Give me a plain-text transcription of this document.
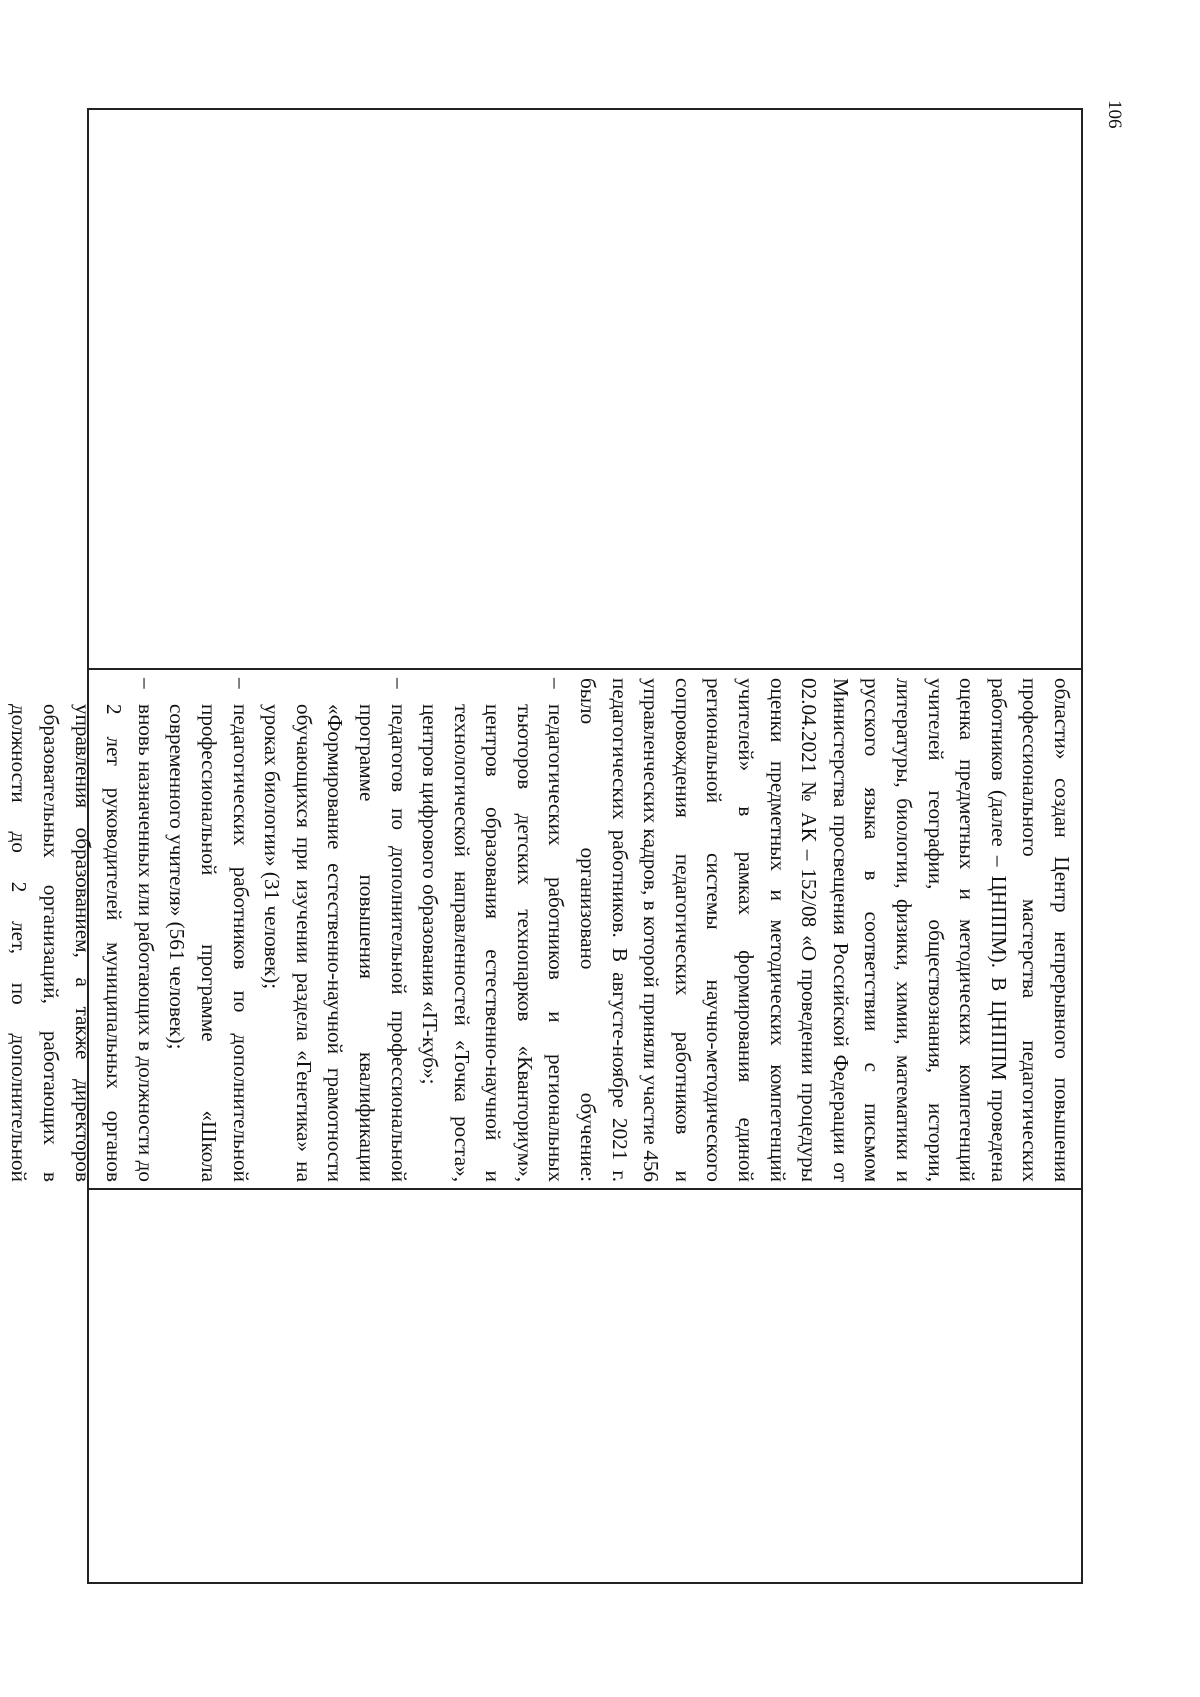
106

области» создан Центр непрерывного повышения профессионального мастерства педагогических работников (далее – ЦНППМ). В ЦНППМ проведена оценка предметных и методических компетенций учителей географии, обществознания, истории, литературы, биологии, физики, химии, математики и русского языка в соответствии с письмом Министерства просвещения Российской Федерации от 02.04.2021 № АК – 152/08 «О проведении процедуры оценки предметных и методических компетенций учителей» в рамках формирования единой региональной системы научно-методического сопровождения педагогических работников и управленческих кадров, в которой приняли участие 456 педагогических работников. В августе-ноябре 2021 г. было организовано обучение:

–
педагогических работников и региональных тьюторов детских технопарков «Кванториум», центров образования естественно-научной и технологической направленностей «Точка роста», центров цифрового образования «IT-куб»;
–
педагогов по дополнительной профессиональной программе повышения квалификации «Формирование естественно-научной грамотности обучающихся при изучении раздела «Генетика» на уроках биологии» (31 человек);
–
педагогических работников по дополнительной профессиональной программе «Школа современного учителя» (561 человек);
–
вновь назначенных или работающих в должности до 2 лет руководителей муниципальных органов управления образованием, а также директоров образовательных организаций, работающих в должности до 2 лет, по дополнительной
